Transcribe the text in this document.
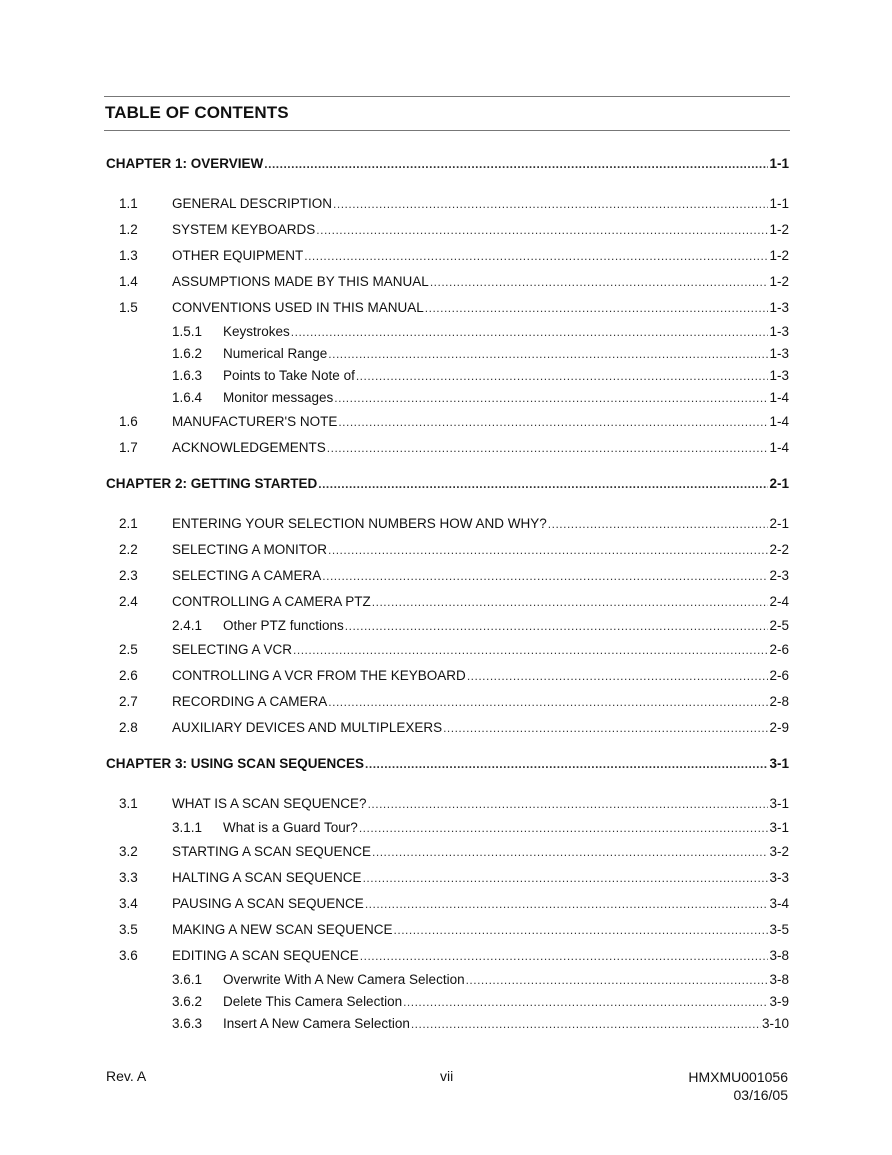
TABLE OF CONTENTS
CHAPTER 1: OVERVIEW .....	1-1
1.1	GENERAL DESCRIPTION .....	1-1
1.2	SYSTEM KEYBOARDS .....	1-2
1.3	OTHER EQUIPMENT .....	1-2
1.4	ASSUMPTIONS MADE BY THIS MANUAL .....	1-2
1.5	CONVENTIONS USED IN THIS MANUAL .....	1-3
1.5.1	Keystrokes .....	1-3
1.6.2	Numerical Range .....	1-3
1.6.3	Points to Take Note of .....	1-3
1.6.4	Monitor messages .....	1-4
1.6	MANUFACTURER'S NOTE .....	1-4
1.7	ACKNOWLEDGEMENTS .....	1-4
CHAPTER 2: GETTING STARTED .....	2-1
2.1	ENTERING YOUR SELECTION NUMBERS HOW AND WHY? .....	2-1
2.2	SELECTING A MONITOR .....	2-2
2.3	SELECTING A CAMERA .....	2-3
2.4	CONTROLLING A CAMERA PTZ .....	2-4
2.4.1	Other PTZ functions .....	2-5
2.5	SELECTING A VCR .....	2-6
2.6	CONTROLLING A VCR FROM THE KEYBOARD .....	2-6
2.7	RECORDING A CAMERA .....	2-8
2.8	AUXILIARY DEVICES AND MULTIPLEXERS .....	2-9
CHAPTER 3: USING SCAN SEQUENCES .....	3-1
3.1	WHAT IS A SCAN SEQUENCE? .....	3-1
3.1.1	What is a Guard Tour? .....	3-1
3.2	STARTING A SCAN SEQUENCE .....	3-2
3.3	HALTING A SCAN SEQUENCE .....	3-3
3.4	PAUSING A SCAN SEQUENCE .....	3-4
3.5	MAKING A NEW SCAN SEQUENCE .....	3-5
3.6	EDITING A SCAN SEQUENCE .....	3-8
3.6.1	Overwrite With A New Camera Selection .....	3-8
3.6.2	Delete This Camera Selection .....	3-9
3.6.3	Insert A New Camera Selection .....	3-10
Rev. A	vii	HMXMU001056
03/16/05
